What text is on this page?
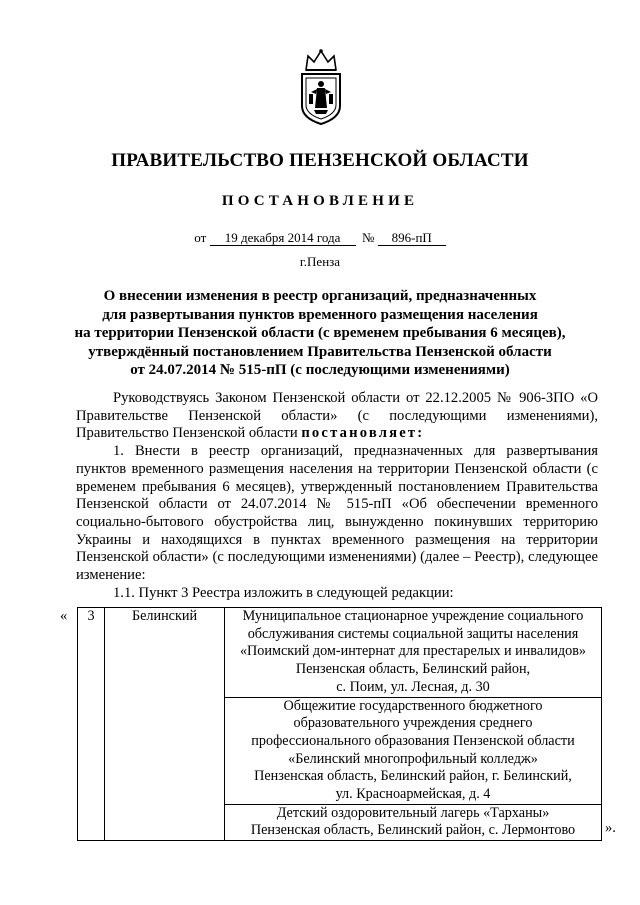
ПРАВИТЕЛЬСТВО ПЕНЗЕНСКОЙ ОБЛАСТИ
ПОСТАНОВЛЕНИЕ
от 19 декабря 2014 года № 896-пП
г.Пенза
О внесении изменения в реестр организаций, предназначенных
для развертывания пунктов временного размещения населения
на территории Пензенской области (с временем пребывания 6 месяцев),
утверждённый постановлением Правительства Пензенской области
от 24.07.2014 № 515-пП (с последующими изменениями)

Руководствуясь Законом Пензенской области от 22.12.2005 № 906-ЗПО «О Правительстве Пензенской области» (с последующими изменениями), Правительство Пензенской области постановляет:

1. Внести в реестр организаций, предназначенных для развертывания пунктов временного размещения населения на территории Пензенской области (с временем пребывания 6 месяцев), утвержденный постановлением Правительства Пензенской области от 24.07.2014 № 515-пП «Об обеспечении временного социально-бытового обустройства лиц, вынужденно покинувших территорию Украины и находящихся в пунктах временного размещения на территории Пензенской области» (с последующими изменениями) (далее – Реестр), следующее изменение:

1.1. Пункт 3 Реестра изложить в следующей редакции:

« 3	Белинский	Муниципальное стационарное учреждение социального
обслуживания системы социальной защиты населения
«Поимский дом-интернат для престарелых и инвалидов»
Пензенская область, Белинский район,
с. Поим, ул. Лесная, д. 30

Общежитие государственного бюджетного
образовательного учреждения среднего
профессионального образования Пензенской области
«Белинский многопрофильный колледж»
Пензенская область, Белинский район, г. Белинский,
ул. Красноармейская, д. 4

Детский оздоровительный лагерь «Тарханы»
Пензенская область, Белинский район, с. Лермонтово	».
